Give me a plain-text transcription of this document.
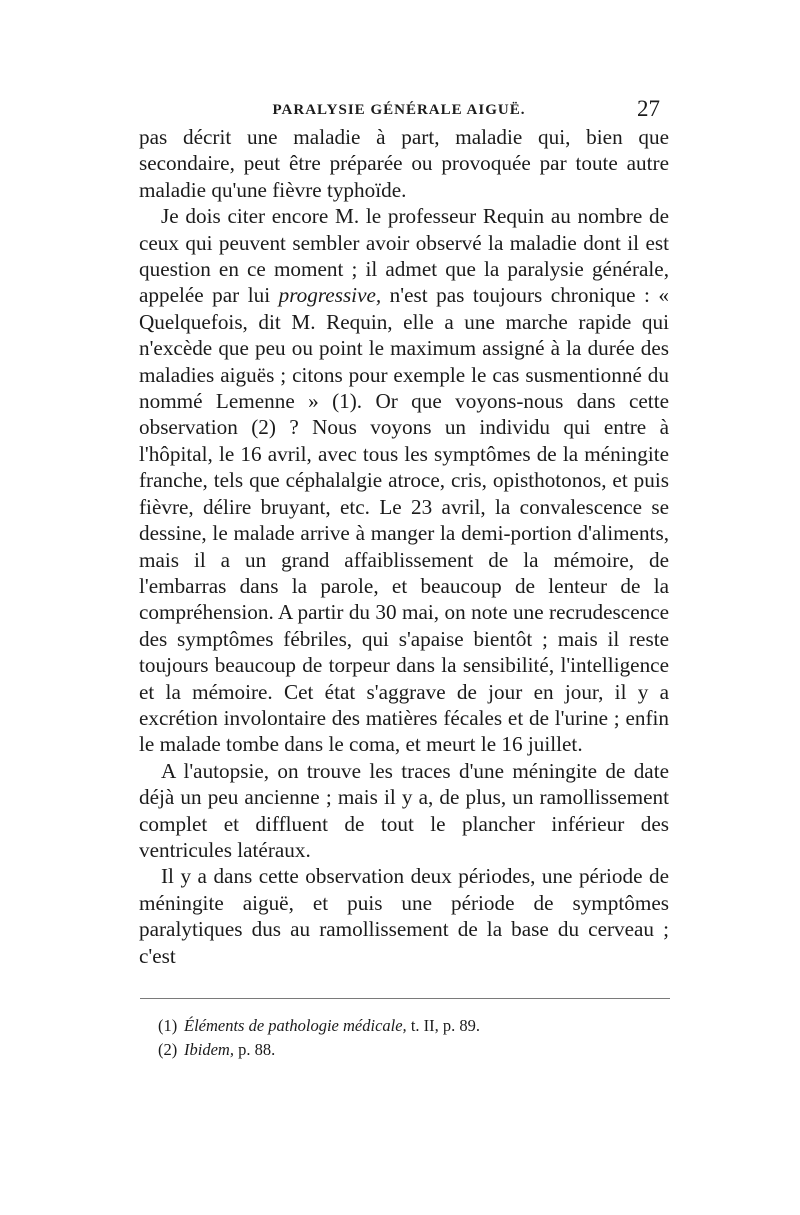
PARALYSIE GÉNÉRALE AIGUË.	27

pas décrit une maladie à part, maladie qui, bien que secondaire, peut être préparée ou provoquée par toute autre maladie qu'une fièvre typhoïde.

Je dois citer encore M. le professeur Requin au nombre de ceux qui peuvent sembler avoir observé la maladie dont il est question en ce moment ; il admet que la paralysie générale, appelée par lui progressive, n'est pas toujours chronique : « Quelquefois, dit M. Requin, elle a une marche rapide qui n'excède que peu ou point le maximum assigné à la durée des maladies aiguës ; citons pour exemple le cas susmentionné du nommé Lemenne » (1). Or que voyons-nous dans cette observation (2) ? Nous voyons un individu qui entre à l'hôpital, le 16 avril, avec tous les symptômes de la méningite franche, tels que céphalalgie atroce, cris, opisthotonos, et puis fièvre, délire bruyant, etc. Le 23 avril, la convalescence se dessine, le malade arrive à manger la demi-portion d'aliments, mais il a un grand affaiblissement de la mémoire, de l'embarras dans la parole, et beaucoup de lenteur de la compréhension. A partir du 30 mai, on note une recrudescence des symptômes fébriles, qui s'apaise bientôt ; mais il reste toujours beaucoup de torpeur dans la sensibilité, l'intelligence et la mémoire. Cet état s'aggrave de jour en jour, il y a excrétion involontaire des matières fécales et de l'urine ; enfin le malade tombe dans le coma, et meurt le 16 juillet.

A l'autopsie, on trouve les traces d'une méningite de date déjà un peu ancienne ; mais il y a, de plus, un ramollissement complet et diffluent de tout le plancher inférieur des ventricules latéraux.

Il y a dans cette observation deux périodes, une période de méningite aiguë, et puis une période de symptômes paralytiques dus au ramollissement de la base du cerveau ; c'est

(1) Éléments de pathologie médicale, t. II, p. 89.

(2) Ibidem, p. 88.
